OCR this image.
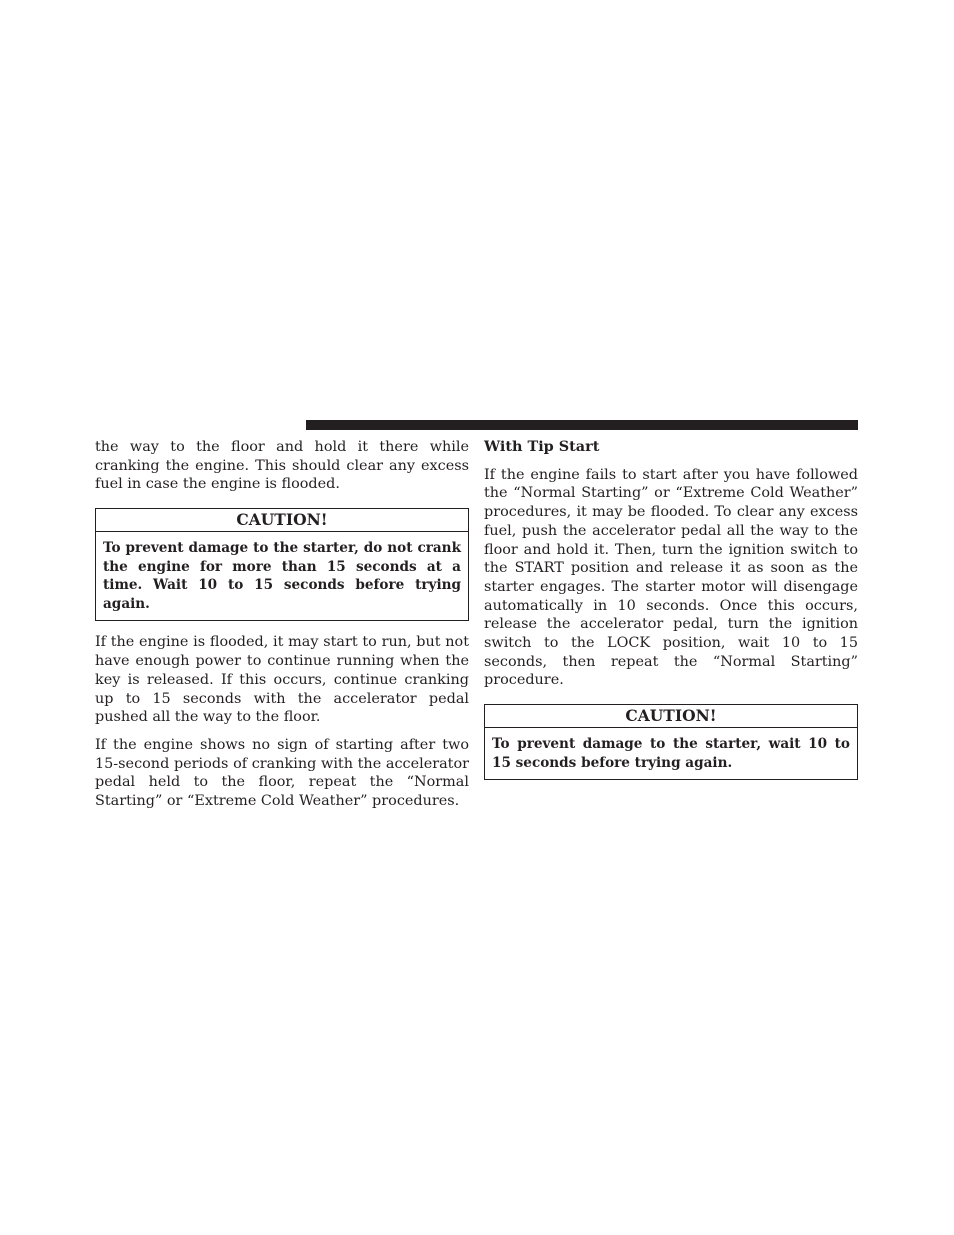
the way to the floor and hold it there while cranking the engine. This should clear any excess fuel in case the engine is flooded.

CAUTION!
To prevent damage to the starter, do not crank the engine for more than 15 seconds at a time. Wait 10 to 15 seconds before trying again.

If the engine is flooded, it may start to run, but not have enough power to continue running when the key is released. If this occurs, continue cranking up to 15 seconds with the accelerator pedal pushed all the way to the floor.

If the engine shows no sign of starting after two 15-second periods of cranking with the accelerator pedal held to the floor, repeat the “Normal Starting” or “Extreme Cold Weather” procedures.

With Tip Start

If the engine fails to start after you have followed the “Normal Starting” or “Extreme Cold Weather” procedures, it may be flooded. To clear any excess fuel, push the accelerator pedal all the way to the floor and hold it. Then, turn the ignition switch to the START position and release it as soon as the starter engages. The starter motor will disengage automatically in 10 seconds. Once this occurs, release the accelerator pedal, turn the ignition switch to the LOCK position, wait 10 to 15 seconds, then repeat the “Normal Starting” procedure.

CAUTION!
To prevent damage to the starter, wait 10 to 15 seconds before trying again.
